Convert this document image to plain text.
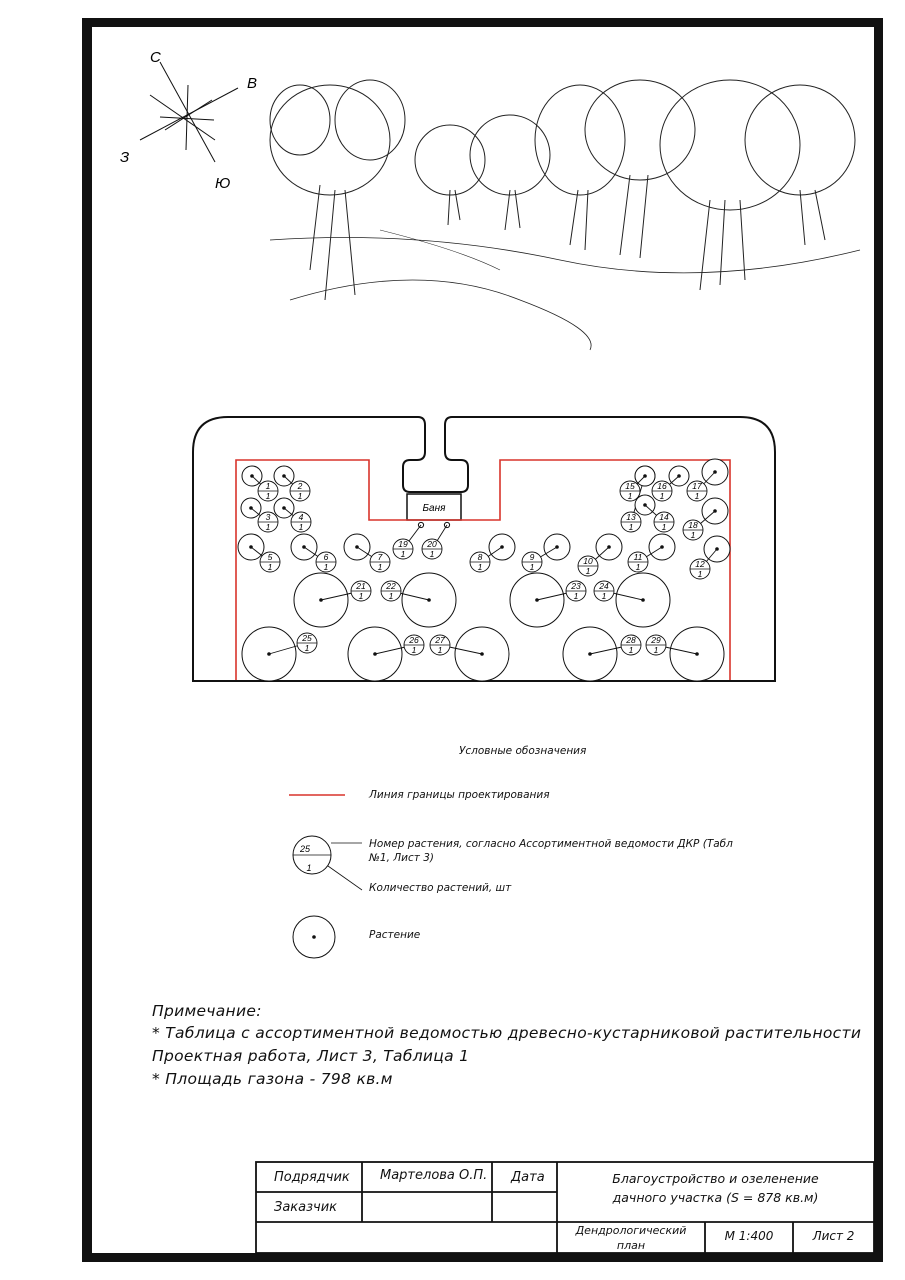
С
В
Ю
З
Баня
1
1
2
1
3
1
4
1
5
1
6
1
7
1
8
1
9
1
10
1
11
1	12
1
13
1
14
1
15
1
16
1
17
1
18
1
19
1
20
1
21
1
22
1
23
1
24
1
25
1
26
1
27
1
28
1
29
1
25
1
Условные обозначения
Линия границы проектирования
Номер растения, согласно Ассортиментной ведомости ДКР (Табл №1, Лист 3)
Количество растений, шт
Растение
Примечание:
* Таблица с ассортиментной ведомостью древесно-кустарниковой растительности
Проектная работа, Лист 3, Таблица 1
* Площадь газона - 798 кв.м
Подрядчик Мартелова О.П. Дата
Заказчик
Благоустройство и озеленение
дачного участка (S = 878 кв.м)
Дендрологический план
М 1:400	Лист 2
